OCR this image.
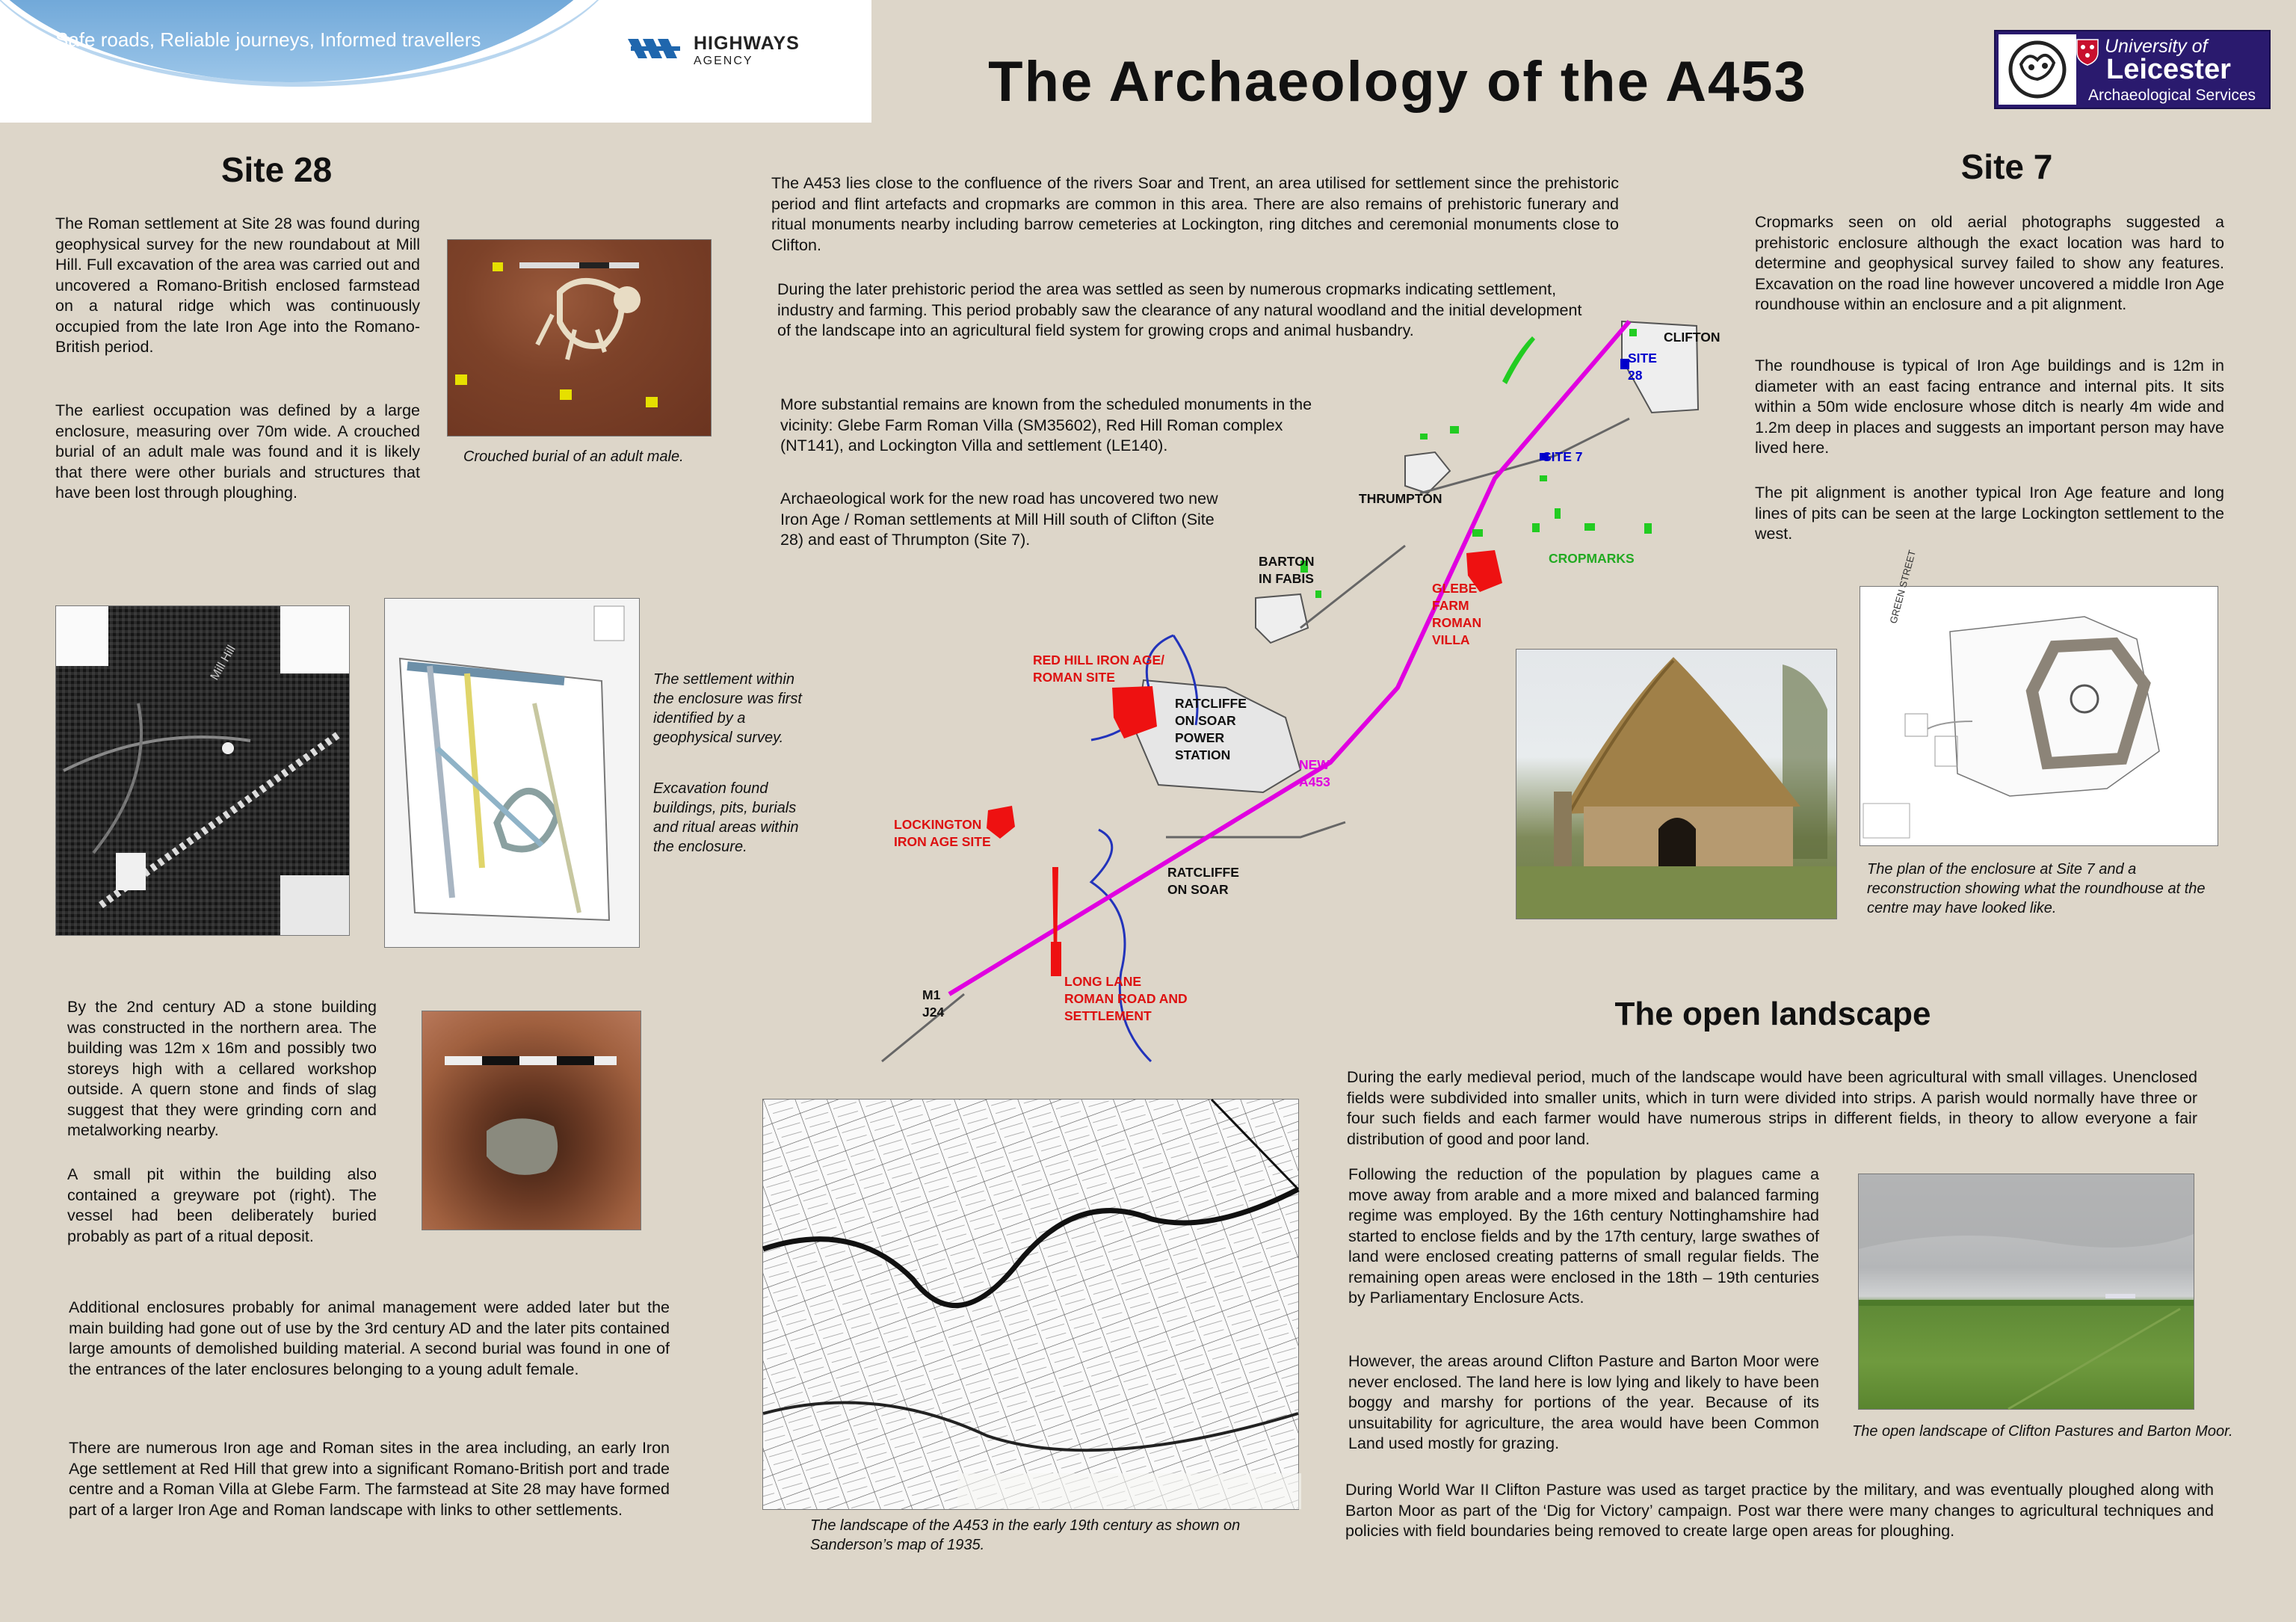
Safe roads, Reliable journeys, Informed travellers	HIGHWAYS
AGENCY	The Archaeology of the A453
University of
Leicester
Archaeological Services
Site 28

The Roman settlement at Site 28 was found during geophysical survey for the new roundabout at Mill Hill. Full excavation of the area was carried out and uncovered a Romano-British enclosed farmstead on a natural ridge which was continuously occupied from the late Iron Age into the Romano-British period.

The earliest occupation was defined by a large enclosure, measuring over 70m wide. A crouched burial of an adult male was found and it is likely that there were other burials and structures that have been lost through ploughing.

Crouched burial of an adult male.

Mill Hill	The settlement within the enclosure was first identified by a geophysical survey.

Excavation found buildings, pits, burials and ritual areas within the enclosure.

By the 2nd century AD a stone building was constructed in the northern area. The building was 12m x 16m and possibly two storeys high with a cellared workshop outside. A quern stone and finds of slag suggest that they were grinding corn and metalworking nearby.

A small pit within the building also contained a greyware pot (right). The vessel had been deliberately buried probably as part of a ritual deposit.

Additional enclosures probably for animal management were added later but the main building had gone out of use by the 3rd century AD and the later pits contained large amounts of demolished building material. A second burial was found in one of the entrances of the later enclosures belonging to a young adult female.

There are numerous Iron age and Roman sites in the area including, an early Iron Age settlement at Red Hill that grew into a significant Romano-British port and trade centre and a Roman Villa at Glebe Farm. The farmstead at Site 28 may have formed part of a larger Iron Age and Roman landscape with links to other settlements.

The A453 lies close to the confluence of the rivers Soar and Trent, an area utilised for settlement since the prehistoric period and flint artefacts and cropmarks are common in this area. There are also remains of prehistoric funerary and ritual monuments nearby including barrow cemeteries at Lockington, ring ditches and ceremonial monuments close to Clifton.

During the later prehistoric period the area was settled as seen by numerous cropmarks indicating settlement, industry and farming. This period probably saw the clearance of any natural woodland and the initial development of the landscape into an agricultural field system for growing crops and animal husbandry.

More substantial remains are known from the scheduled monuments in the vicinity: Glebe Farm Roman Villa (SM35602), Red Hill Roman complex (NT141), and Lockington Villa and settlement (LE140).

Archaeological work for the new road has uncovered two new Iron Age / Roman settlements at Mill Hill south of Clifton (Site 28) and east of Thrumpton (Site 7).

CLIFTON
SITE 28
SITE 7
THRUMPTON
CROPMARKS
BARTON IN FABIS
GLEBE FARM ROMAN VILLA
RED HILL IRON AGE/ ROMAN SITE
RATCLIFFE ON SOAR POWER STATION
NEW A453
LOCKINGTON IRON AGE SITE
RATCLIFFE ON SOAR
LONG LANE ROMAN ROAD AND SETTLEMENT
M1 J24

The landscape of the A453 in the early 19th century as shown on Sanderson’s map of 1935.

Site 7

Cropmarks seen on old aerial photographs suggested a prehistoric enclosure although the exact location was hard to determine and geophysical survey failed to show any features. Excavation on the road line however uncovered a middle Iron Age roundhouse within an enclosure and a pit alignment.

The roundhouse is typical of Iron Age buildings and is 12m in diameter with an east facing entrance and internal pits. It sits within a 50m wide enclosure whose ditch is nearly 4m wide and 1.2m deep in places and suggests an important person may have lived here.

The pit alignment is another typical Iron Age feature and long lines of pits can be seen at the large Lockington settlement to the west.

GREEN STREET

The plan of the enclosure at Site 7 and a reconstruction showing what the roundhouse at the centre may have looked like.

The open landscape

During the early medieval period, much of the landscape would have been agricultural with small villages. Unenclosed fields were subdivided into smaller units, which in turn were divided into strips. A parish would normally have three or four such fields and each farmer would have numerous strips in different fields, in theory to allow everyone a fair distribution of good and poor land.

Following the reduction of the population by plagues came a move away from arable and a more mixed and balanced farming regime was employed. By the 16th century Nottinghamshire had started to enclose fields and by the 17th century, large swathes of land were enclosed creating patterns of small regular fields. The remaining open areas were enclosed in the 18th – 19th centuries by Parliamentary Enclosure Acts.

However, the areas around Clifton Pasture and Barton Moor were never enclosed. The land here is low lying and likely to have been boggy and marshy for portions of the year. Because of its unsuitability for agriculture, the area would have been Common Land used mostly for grazing.

The open landscape of Clifton Pastures and Barton Moor.

During World War II Clifton Pasture was used as target practice by the military, and was eventually ploughed along with Barton Moor as part of the ‘Dig for Victory’ campaign. Post war there were many changes to agricultural techniques and policies with field boundaries being removed to create large open areas for ploughing.
